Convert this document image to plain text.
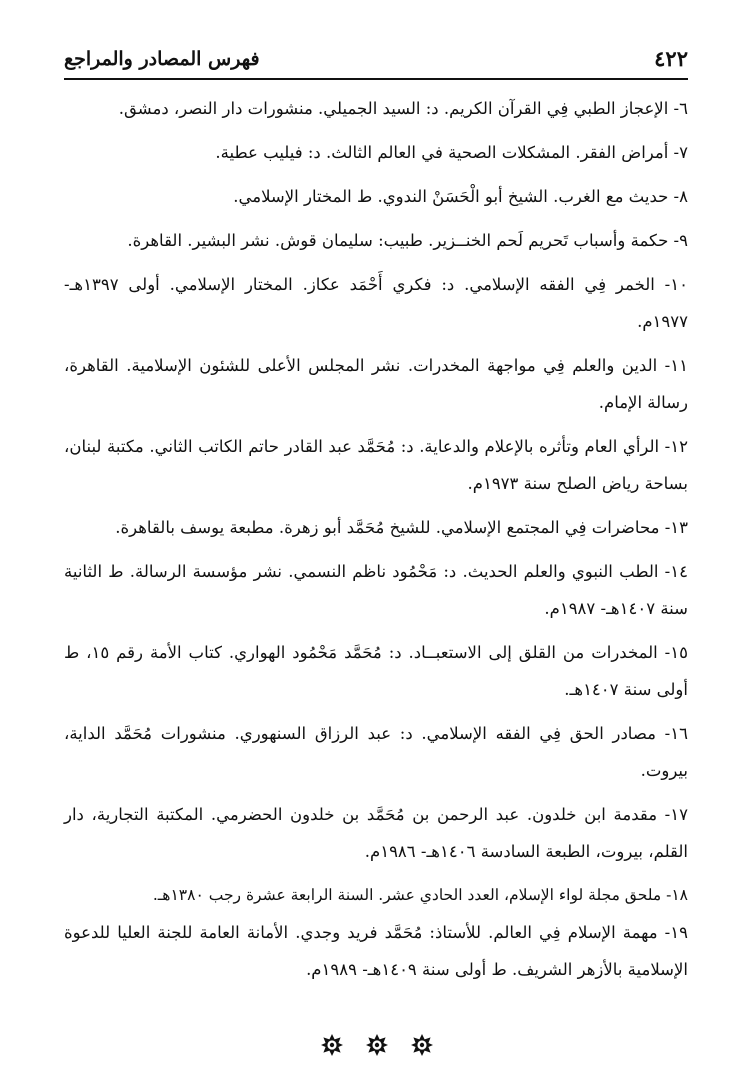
٤٢٢
فهرس المصادر والمراجع

٦- الإعجاز الطبي فِي القرآن الكريم. د: السيد الجميلي. منشورات دار النصر، دمشق.

٧- أمراض الفقر. المشكلات الصحية في العالم الثالث. د: فيليب عطية.

٨- حديث مع الغرب. الشيخ أبو الْحَسَنْ الندوي. ط المختار الإسلامي.

٩- حكمة وأسباب تَحريم لَحم الخنــزير. طبيب: سليمان قوش. نشر البشير. القاهرة.

١٠- الخمر فِي الفقه الإسلامي. د: فكري أَحْمَد عكاز. المختار الإسلامي. أولى ١٣٩٧هـ- ١٩٧٧م.

١١- الدين والعلم فِي مواجهة المخدرات. نشر المجلس الأعلى للشئون الإسلامية. القاهرة، رسالة الإمام.

١٢- الرأي العام وتأثره بالإعلام والدعاية. د: مُحَمَّد عبد القادر حاتم الكاتب الثاني. مكتبة لبنان، بساحة رياض الصلح سنة ١٩٧٣م.

١٣- محاضرات فِي المجتمع الإسلامي. للشيخ مُحَمَّد أبو زهرة. مطبعة يوسف بالقاهرة.

١٤- الطب النبوي والعلم الحديث. د: مَحْمُود ناظم النسمي. نشر مؤسسة الرسالة. ط الثانية سنة ١٤٠٧هـ- ١٩٨٧م.

١٥- المخدرات من القلق إلى الاستعبــاد. د: مُحَمَّد مَحْمُود الهواري. كتاب الأمة رقم ١٥، ط أولى سنة ١٤٠٧هـ.

١٦- مصادر الحق فِي الفقه الإسلامي. د: عبد الرزاق السنهوري. منشورات مُحَمَّد الداية، بيروت.

١٧- مقدمة ابن خلدون. عبد الرحمن بن مُحَمَّد بن خلدون الحضرمي. المكتبة التجارية، دار القلم، بيروت، الطبعة السادسة ١٤٠٦هـ- ١٩٨٦م.

١٨- ملحق مجلة لواء الإسلام، العدد الحادي عشر. السنة الرابعة عشرة رجب ١٣٨٠هـ.

١٩- مهمة الإسلام فِي العالم. للأستاذ: مُحَمَّد فريد وجدي. الأمانة العامة للجنة العليا للدعوة الإسلامية بالأزهر الشريف. ط أولى سنة ١٤٠٩هـ- ١٩٨٩م.
